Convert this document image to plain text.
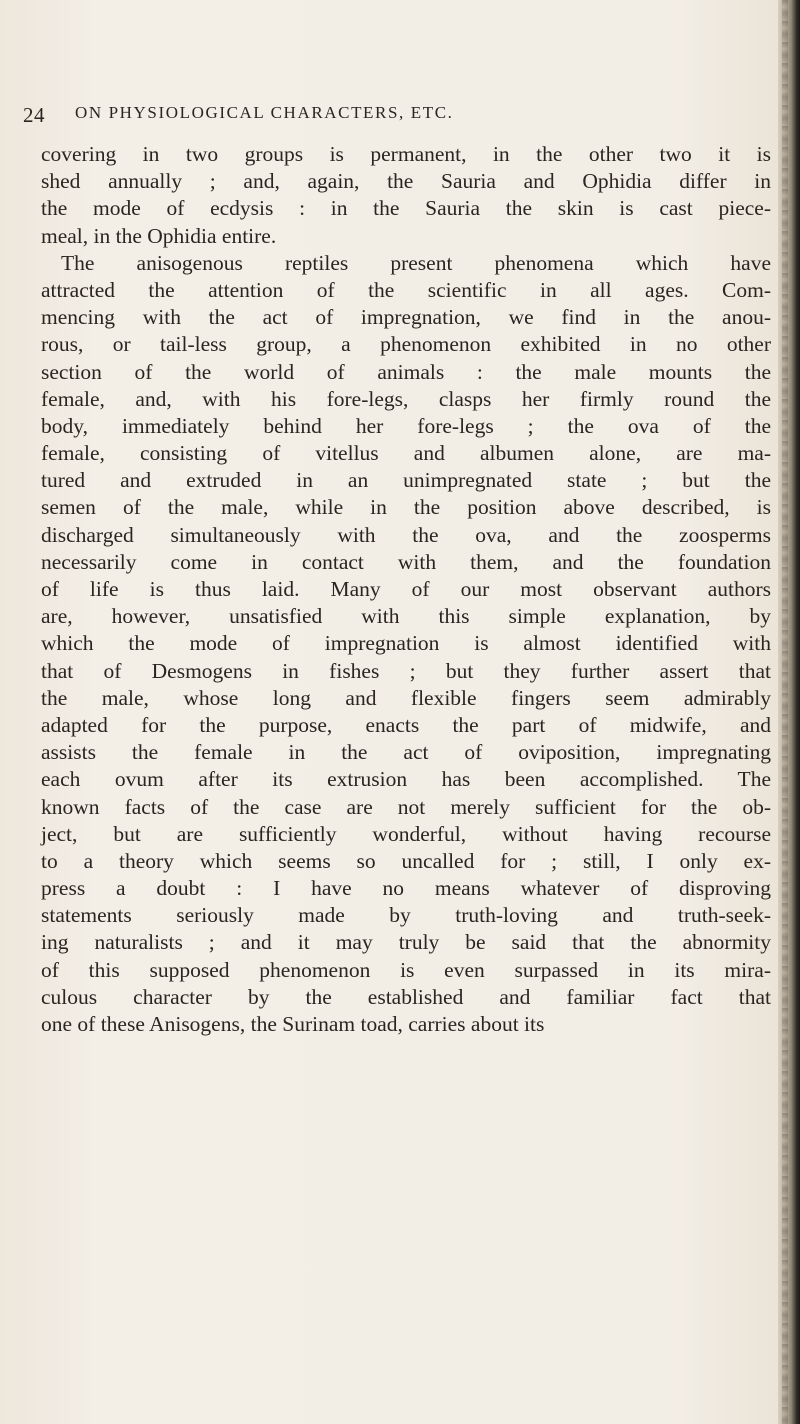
24 ON PHYSIOLOGICAL CHARACTERS, ETC.
covering in two groups is permanent, in the other two it is
shed annually ; and, again, the Sauria and Ophidia differ in
the mode of ecdysis : in the Sauria the skin is cast piece-
meal, in the Ophidia entire.
The anisogenous reptiles present phenomena which have
attracted the attention of the scientific in all ages. Com-
mencing with the act of impregnation, we find in the anou-
rous, or tail-less group, a phenomenon exhibited in no other
section of the world of animals : the male mounts the
female, and, with his fore-legs, clasps her firmly round the
body, immediately behind her fore-legs ; the ova of the
female, consisting of vitellus and albumen alone, are ma-
tured and extruded in an unimpregnated state ; but the
semen of the male, while in the position above described, is
discharged simultaneously with the ova, and the zoosperms
necessarily come in contact with them, and the foundation
of life is thus laid. Many of our most observant authors
are, however, unsatisfied with this simple explanation, by
which the mode of impregnation is almost identified with
that of Desmogens in fishes ; but they further assert that
the male, whose long and flexible fingers seem admirably
adapted for the purpose, enacts the part of midwife, and
assists the female in the act of oviposition, impregnating
each ovum after its extrusion has been accomplished. The
known facts of the case are not merely sufficient for the ob-
ject, but are sufficiently wonderful, without having recourse
to a theory which seems so uncalled for ; still, I only ex-
press a doubt : I have no means whatever of disproving
statements seriously made by truth-loving and truth-seek-
ing naturalists ; and it may truly be said that the abnormity
of this supposed phenomenon is even surpassed in its mira-
culous character by the established and familiar fact that
one of these Anisogens, the Surinam toad, carries about its
